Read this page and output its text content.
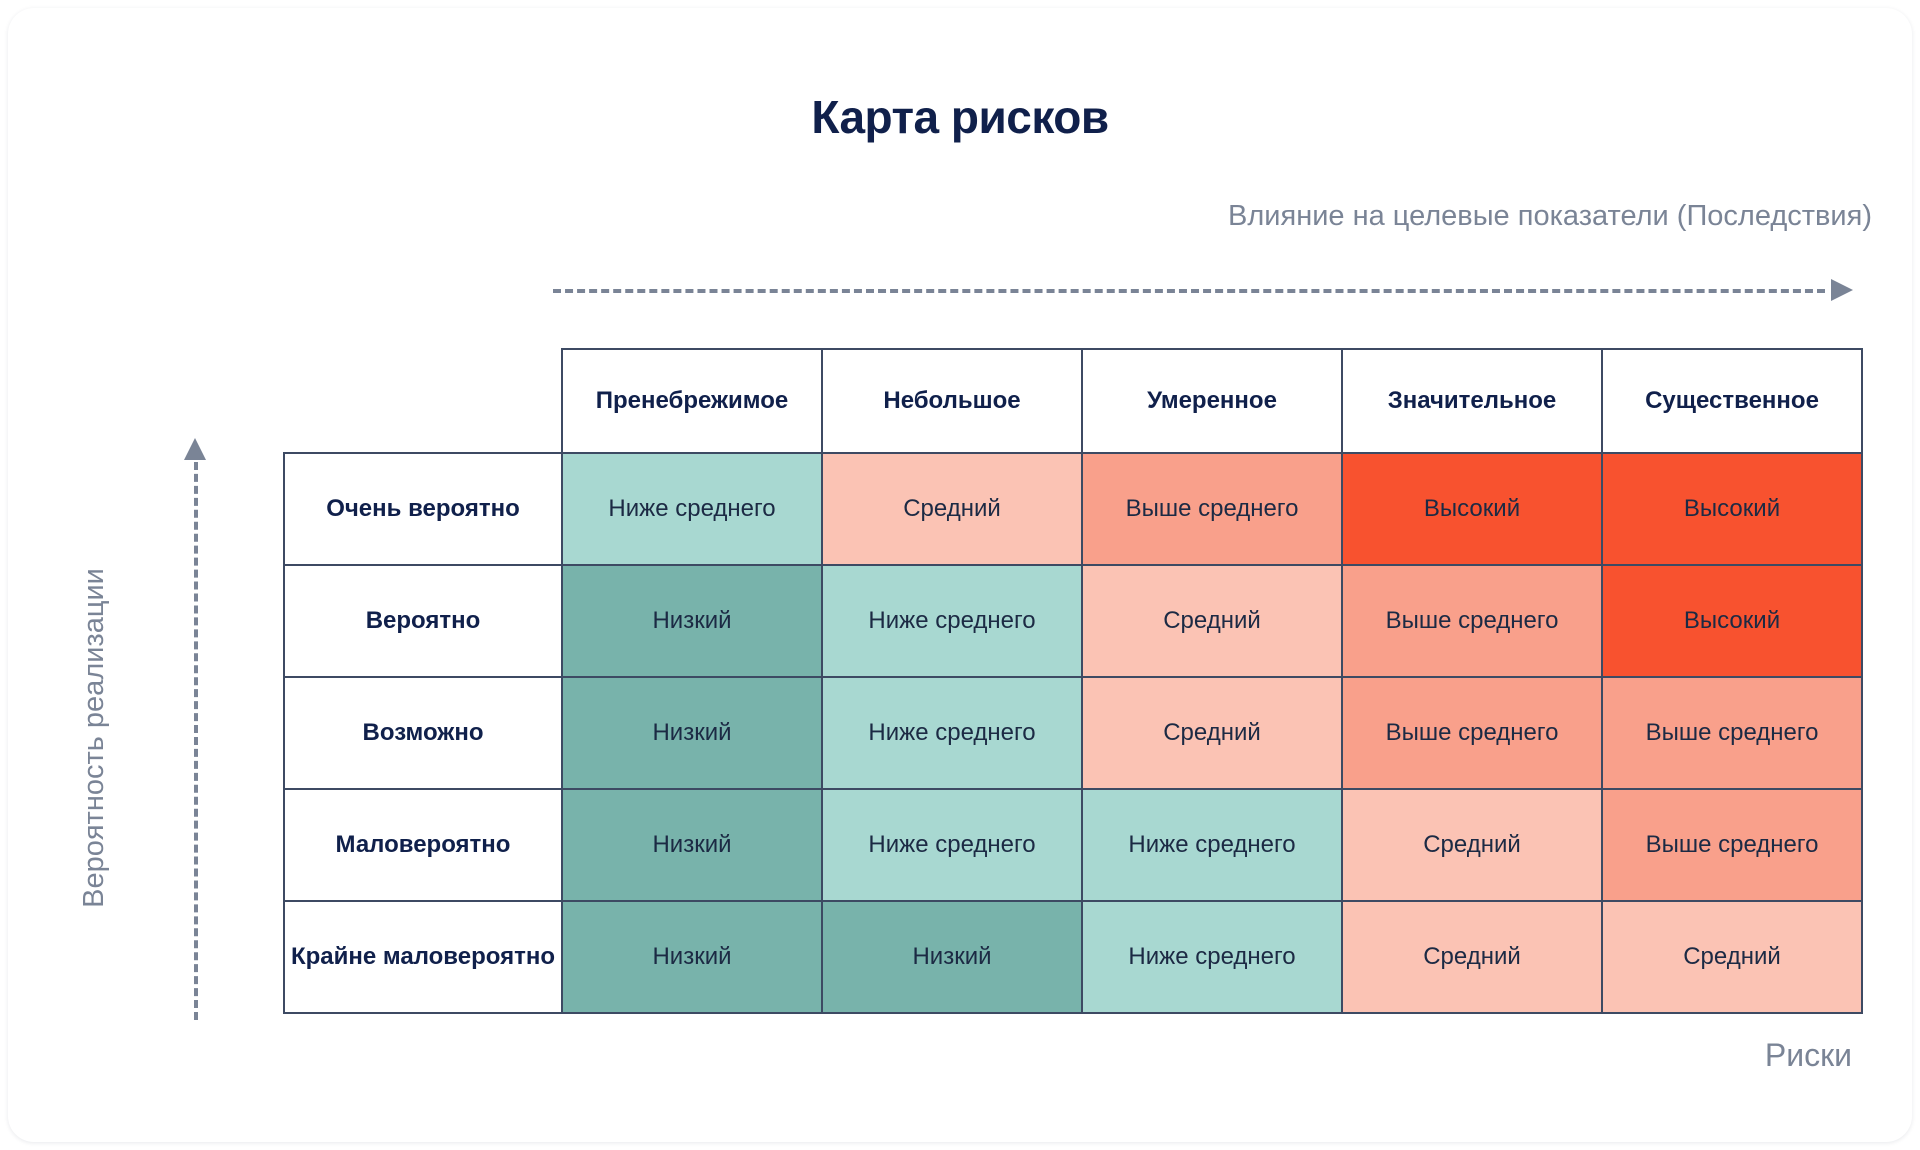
Карта рисков
Влияние на целевые показатели (Последствия)
Вероятность реализации
	Пренебрежимое	Небольшое	Умеренное	Значительное	Существенное
Очень вероятно	Ниже среднего	Средний	Выше среднего	Высокий	Высокий
Вероятно	Низкий	Ниже среднего	Средний	Выше среднего	Высокий
Возможно	Низкий	Ниже среднего	Средний	Выше среднего	Выше среднего
Маловероятно	Низкий	Ниже среднего	Ниже среднего	Средний	Выше среднего
Крайне маловероятно	Низкий	Низкий	Ниже среднего	Средний	Средний
Риски
